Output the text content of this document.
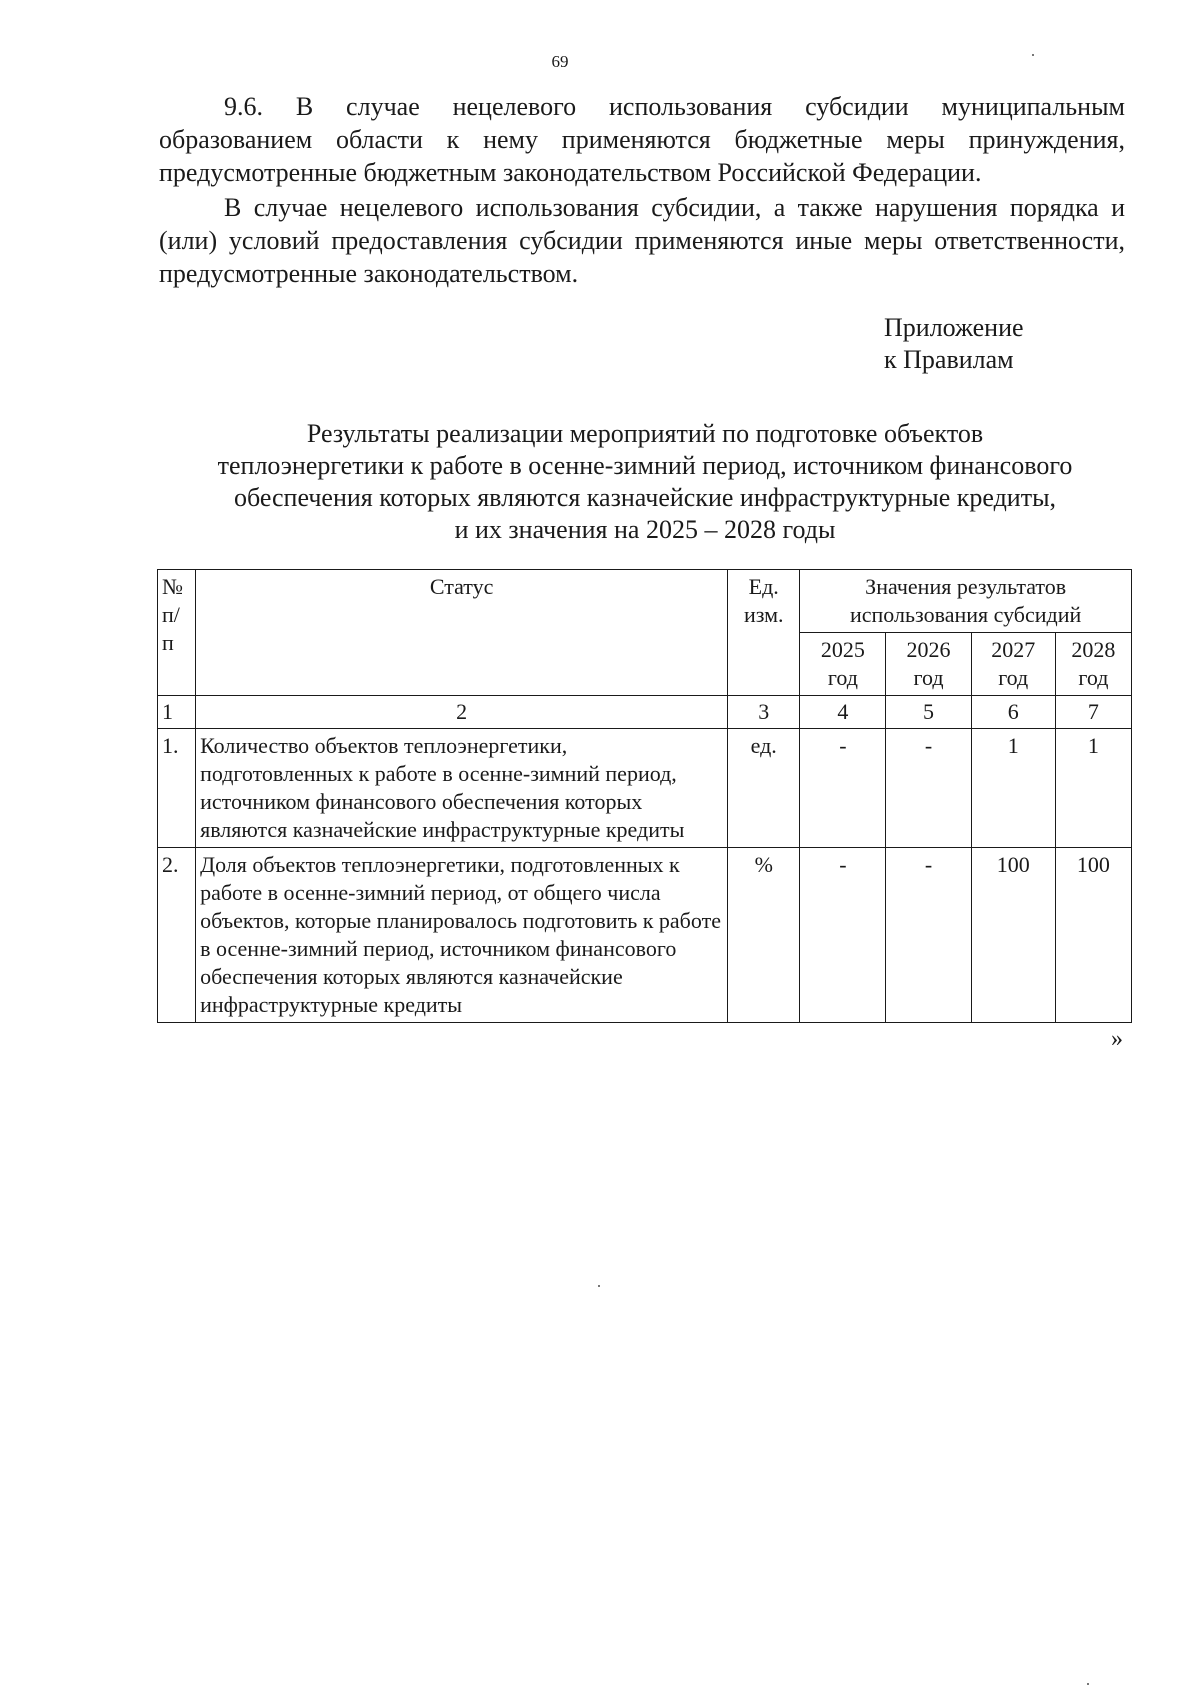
69

9.6. В случае нецелевого использования субсидии муниципальным образованием области к нему применяются бюджетные меры принуждения, предусмотренные бюджетным законодательством Российской Федерации.

В случае нецелевого использования субсидии, а также нарушения порядка и (или) условий предоставления субсидии применяются иные меры ответственности, предусмотренные законодательством.

Приложение
к Правилам
Результаты реализации мероприятий по подготовке объектов
теплоэнергетики к работе в осенне-зимний период, источником финансового
обеспечения которых являются казначейские инфраструктурные кредиты,
и их значения на 2025 – 2028 годы
№ п/п	Статус	Ед. изм.	Значения результатов использования субсидий			
			2025 год	2026 год	2027 год	2028 год
1	2	3	4	5	6	7
1.	Количество объектов теплоэнергетики, подготовленных к работе в осенне-зимний период, источником финансового обеспечения которых являются казначейские инфраструктурные кредиты	ед.	-	-	1	1
2.	Доля объектов теплоэнергетики, подготовленных к работе в осенне-зимний период, от общего числа объектов, которые планировалось подготовить к работе в осенне-зимний период, источником финансового обеспечения которых являются казначейские инфраструктурные кредиты	%	-	-	100	100
»
